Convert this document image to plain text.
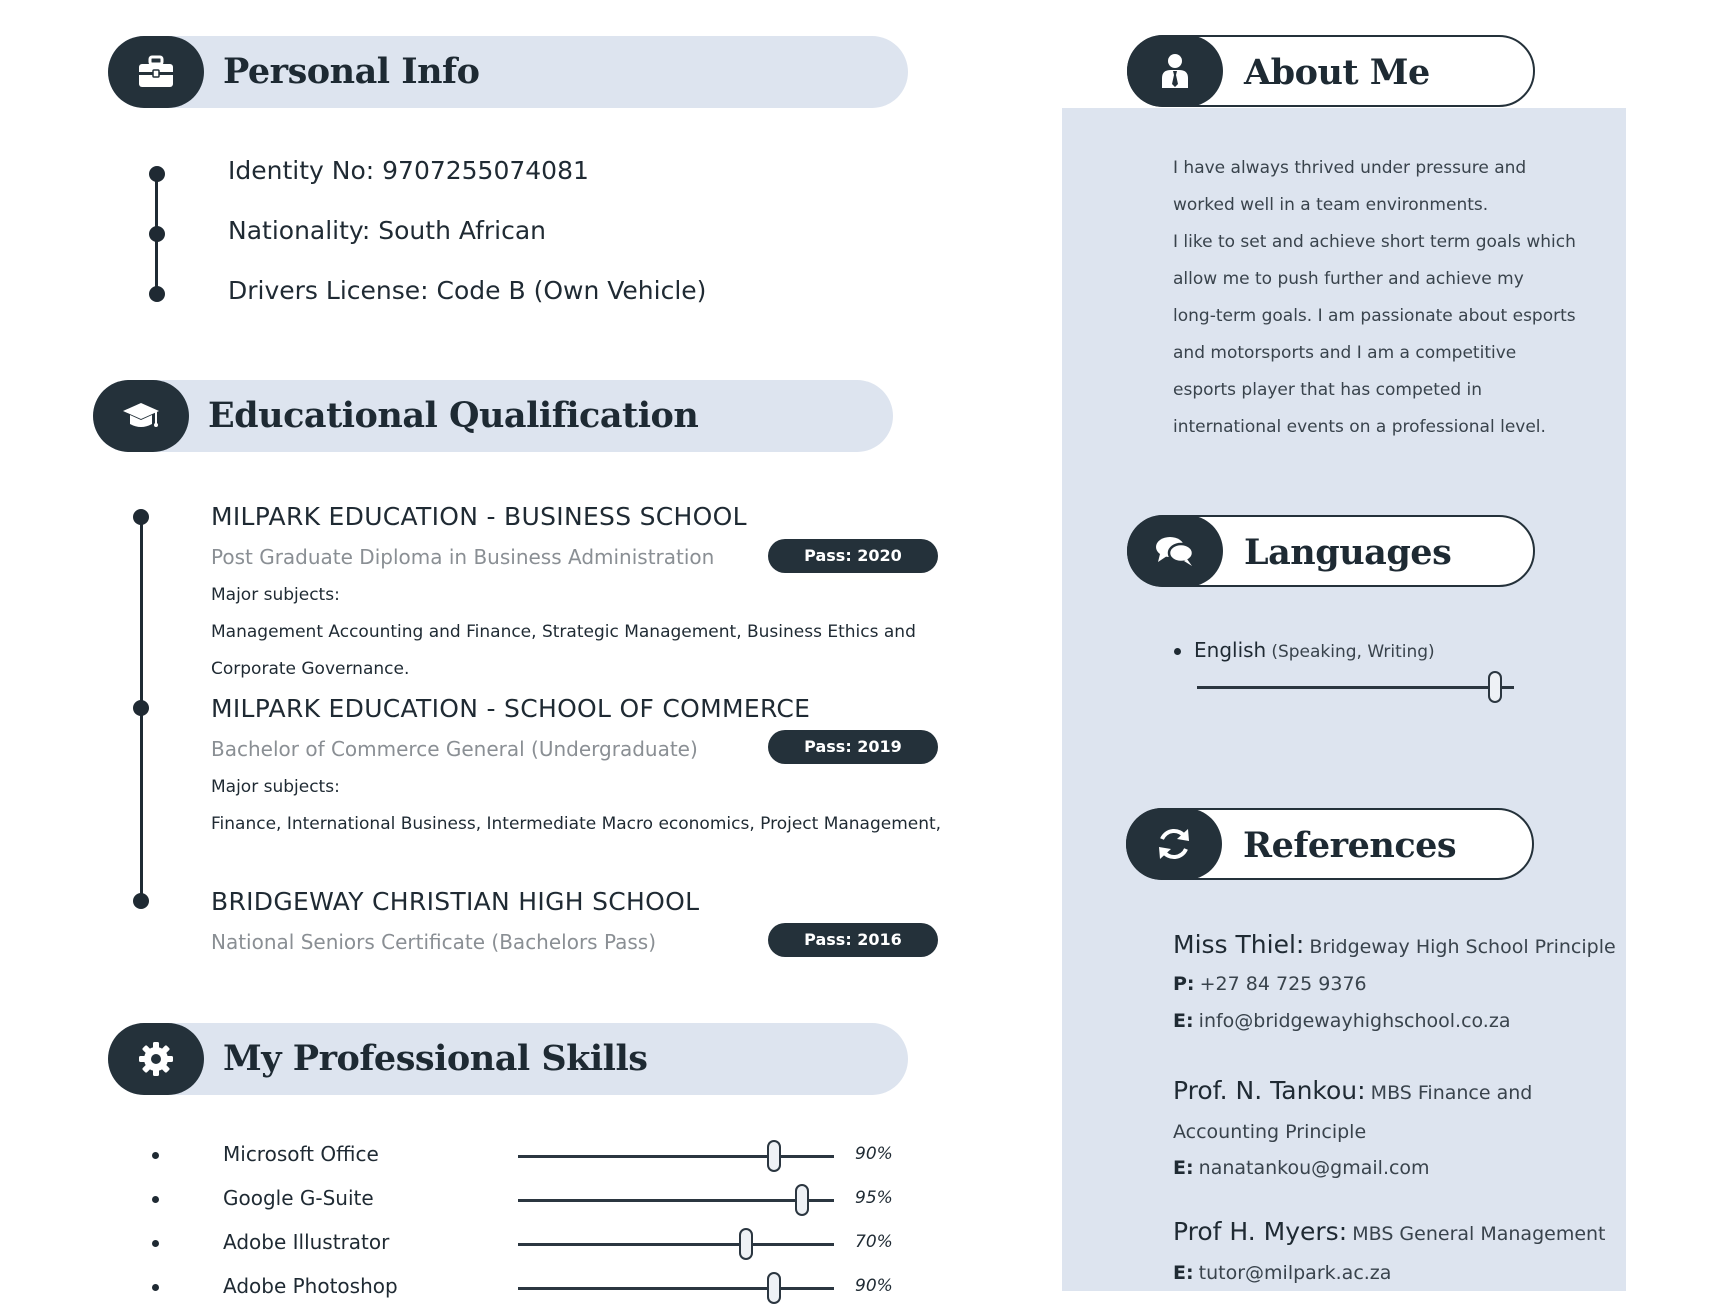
Personal Info
Identity No: 9707255074081
Nationality: South African
Drivers License: Code B (Own Vehicle)
Educational Qualification
MILPARK EDUCATION - BUSINESS SCHOOL
Post Graduate Diploma in Business Administration	Pass: 2020
Major subjects:
Management Accounting and Finance, Strategic Management, Business Ethics and
Corporate Governance.
MILPARK EDUCATION - SCHOOL OF COMMERCE
Bachelor of Commerce General (Undergraduate)	Pass: 2019
Major subjects:
Finance, International Business, Intermediate Macro economics, Project Management,
BRIDGEWAY CHRISTIAN HIGH SCHOOL
National Seniors Certificate (Bachelors Pass)	Pass: 2016
My Professional Skills
Microsoft Office	90%
Google G-Suite	95%
Adobe Illustrator	70%
Adobe Photoshop	90%
About Me
I have always thrived under pressure and
worked well in a team environments.
I like to set and achieve short term goals which
allow me to push further and achieve my
long-term goals. I am passionate about esports
and motorsports and I am a competitive
esports player that has competed in
international events on a professional level.
Languages
English (Speaking, Writing)
References
Miss Thiel: Bridgeway High School Principle
P: +27 84 725 9376
E: info@bridgewayhighschool.co.za
Prof. N. Tankou: MBS Finance and
Accounting Principle
E: nanatankou@gmail.com
Prof H. Myers: MBS General Management
E: tutor@milpark.ac.za
